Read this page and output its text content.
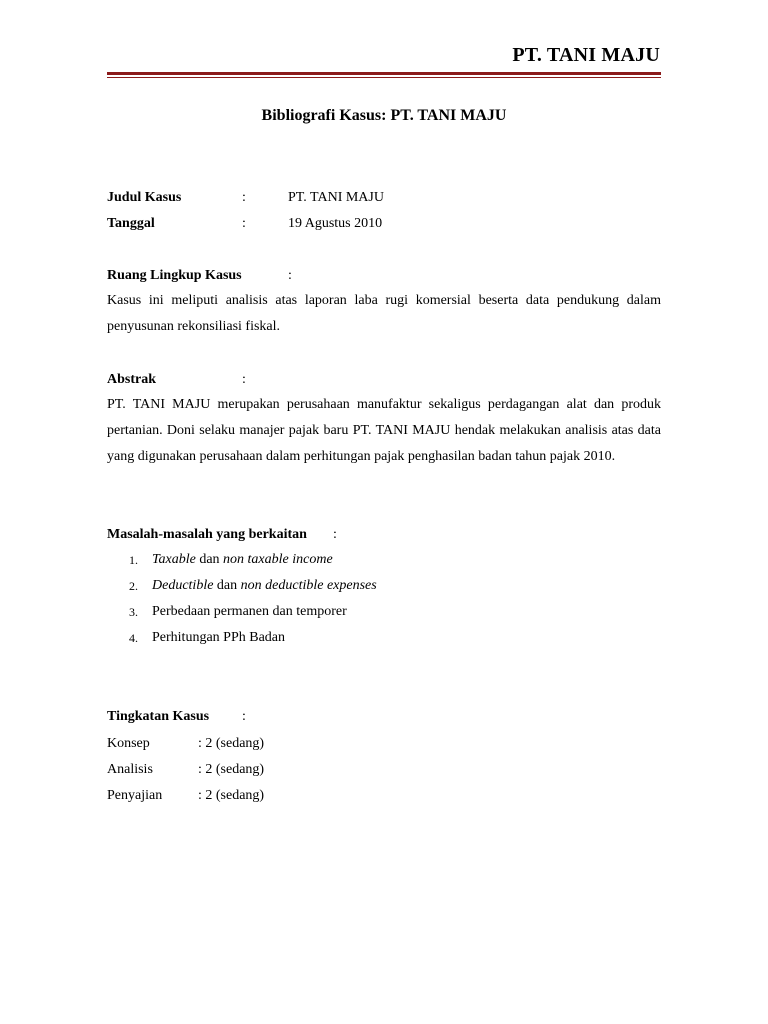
PT. TANI MAJU
Bibliografi Kasus: PT. TANI MAJU
Judul Kasus	:	PT. TANI MAJU
Tanggal	:	19 Agustus 2010
Ruang Lingkup Kasus	:
Kasus ini meliputi analisis atas laporan laba rugi komersial beserta data pendukung dalam penyusunan rekonsiliasi fiskal.
Abstrak	:
PT. TANI MAJU merupakan perusahaan manufaktur sekaligus perdagangan alat dan produk pertanian. Doni selaku manajer pajak baru PT. TANI MAJU hendak melakukan analisis atas data yang digunakan perusahaan dalam perhitungan pajak penghasilan badan tahun pajak 2010.
Masalah-masalah yang berkaitan :
1. Taxable dan non taxable income
2. Deductible dan non deductible expenses
3. Perbedaan permanen dan temporer
4. Perhitungan PPh Badan
Tingkatan Kasus :
Konsep	: 2 (sedang)
Analisis	: 2 (sedang)
Penyajian	: 2 (sedang)
